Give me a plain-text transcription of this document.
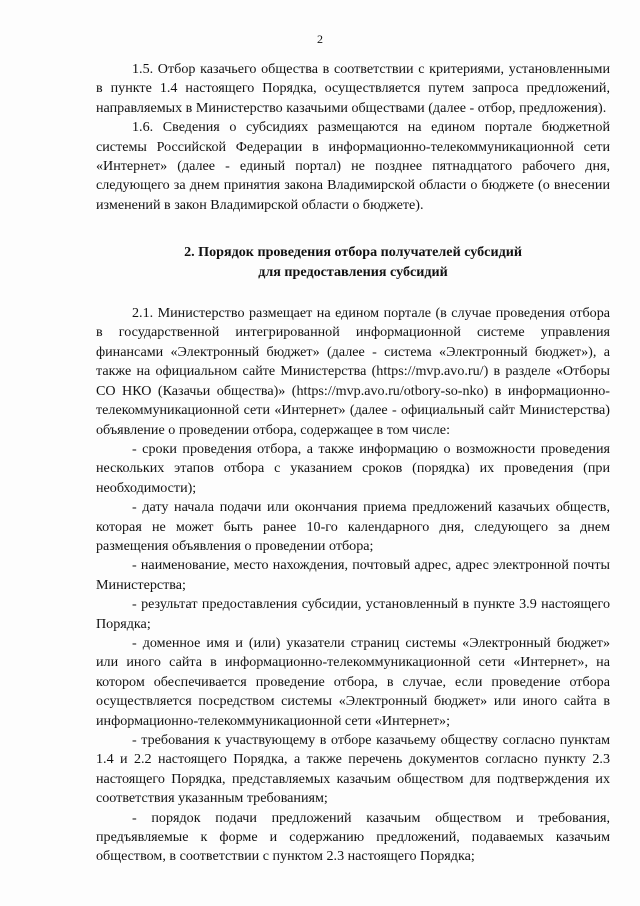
2

1.5. Отбор казачьего общества в соответствии с критериями, установленными в пункте 1.4 настоящего Порядка, осуществляется путем запроса предложений, направляемых в Министерство казачьими обществами (далее - отбор, предложения).

1.6. Сведения о субсидиях размещаются на едином портале бюджетной системы Российской Федерации в информационно-телекоммуникационной сети «Интернет» (далее - единый портал) не позднее пятнадцатого рабочего дня, следующего за днем принятия закона Владимирской области о бюджете (о внесении изменений в закон Владимирской области о бюджете).

2. Порядок проведения отбора получателей субсидий
для предоставления субсидий

2.1. Министерство размещает на едином портале (в случае проведения отбора в государственной интегрированной информационной системе управления финансами «Электронный бюджет» (далее - система «Электронный бюджет»), а также на официальном сайте Министерства (https://mvp.avo.ru/) в разделе «Отборы СО НКО (Казачьи общества)» (https://mvp.avo.ru/otbory-so-nko) в информационно-телекоммуникационной сети «Интернет» (далее - официальный сайт Министерства) объявление о проведении отбора, содержащее в том числе:

- сроки проведения отбора, а также информацию о возможности проведения нескольких этапов отбора с указанием сроков (порядка) их проведения (при необходимости);

- дату начала подачи или окончания приема предложений казачьих обществ, которая не может быть ранее 10-го календарного дня, следующего за днем размещения объявления о проведении отбора;

- наименование, место нахождения, почтовый адрес, адрес электронной почты Министерства;

- результат предоставления субсидии, установленный в пункте 3.9 настоящего Порядка;

- доменное имя и (или) указатели страниц системы «Электронный бюджет» или иного сайта в информационно-телекоммуникационной сети «Интернет», на котором обеспечивается проведение отбора, в случае, если проведение отбора осуществляется посредством системы «Электронный бюджет» или иного сайта в информационно-телекоммуникационной сети «Интернет»;

- требования к участвующему в отборе казачьему обществу согласно пунктам 1.4 и 2.2 настоящего Порядка, а также перечень документов согласно пункту 2.3 настоящего Порядка, представляемых казачьим обществом для подтверждения их соответствия указанным требованиям;

- порядок подачи предложений казачьим обществом и требования, предъявляемые к форме и содержанию предложений, подаваемых казачьим обществом, в соответствии с пунктом 2.3 настоящего Порядка;
